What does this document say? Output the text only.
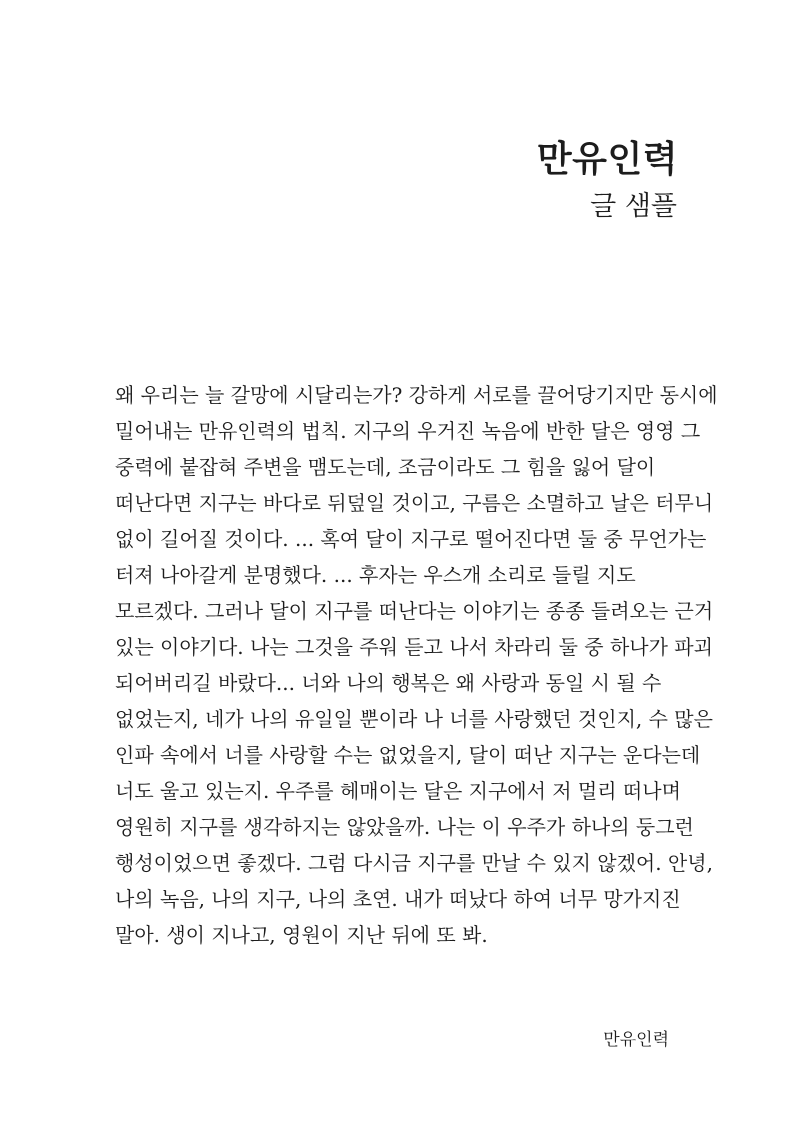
만유인력
글 샘플
왜 우리는 늘 갈망에 시달리는가? 강하게 서로를 끌어당기지만 동시에
밀어내는 만유인력의 법칙. 지구의 우거진 녹음에 반한 달은 영영 그
중력에 붙잡혀 주변을 맴도는데, 조금이라도 그 힘을 잃어 달이
떠난다면 지구는 바다로 뒤덮일 것이고, 구름은 소멸하고 날은 터무니
없이 길어질 것이다. ... 혹여 달이 지구로 떨어진다면 둘 중 무언가는
터져 나아갈게 분명했다. ... 후자는 우스개 소리로 들릴 지도
모르겠다. 그러나 달이 지구를 떠난다는 이야기는 종종 들려오는 근거
있는 이야기다. 나는 그것을 주워 듣고 나서 차라리 둘 중 하나가 파괴
되어버리길 바랐다... 너와 나의 행복은 왜 사랑과 동일 시 될 수
없었는지, 네가 나의 유일일 뿐이라 나 너를 사랑했던 것인지, 수 많은
인파 속에서 너를 사랑할 수는 없었을지, 달이 떠난 지구는 운다는데
너도 울고 있는지. 우주를 헤매이는 달은 지구에서 저 멀리 떠나며
영원히 지구를 생각하지는 않았을까. 나는 이 우주가 하나의 둥그런
행성이었으면 좋겠다. 그럼 다시금 지구를 만날 수 있지 않겠어. 안녕,
나의 녹음, 나의 지구, 나의 초연. 내가 떠났다 하여 너무 망가지진
말아. 생이 지나고, 영원이 지난 뒤에 또 봐.
만유인력
